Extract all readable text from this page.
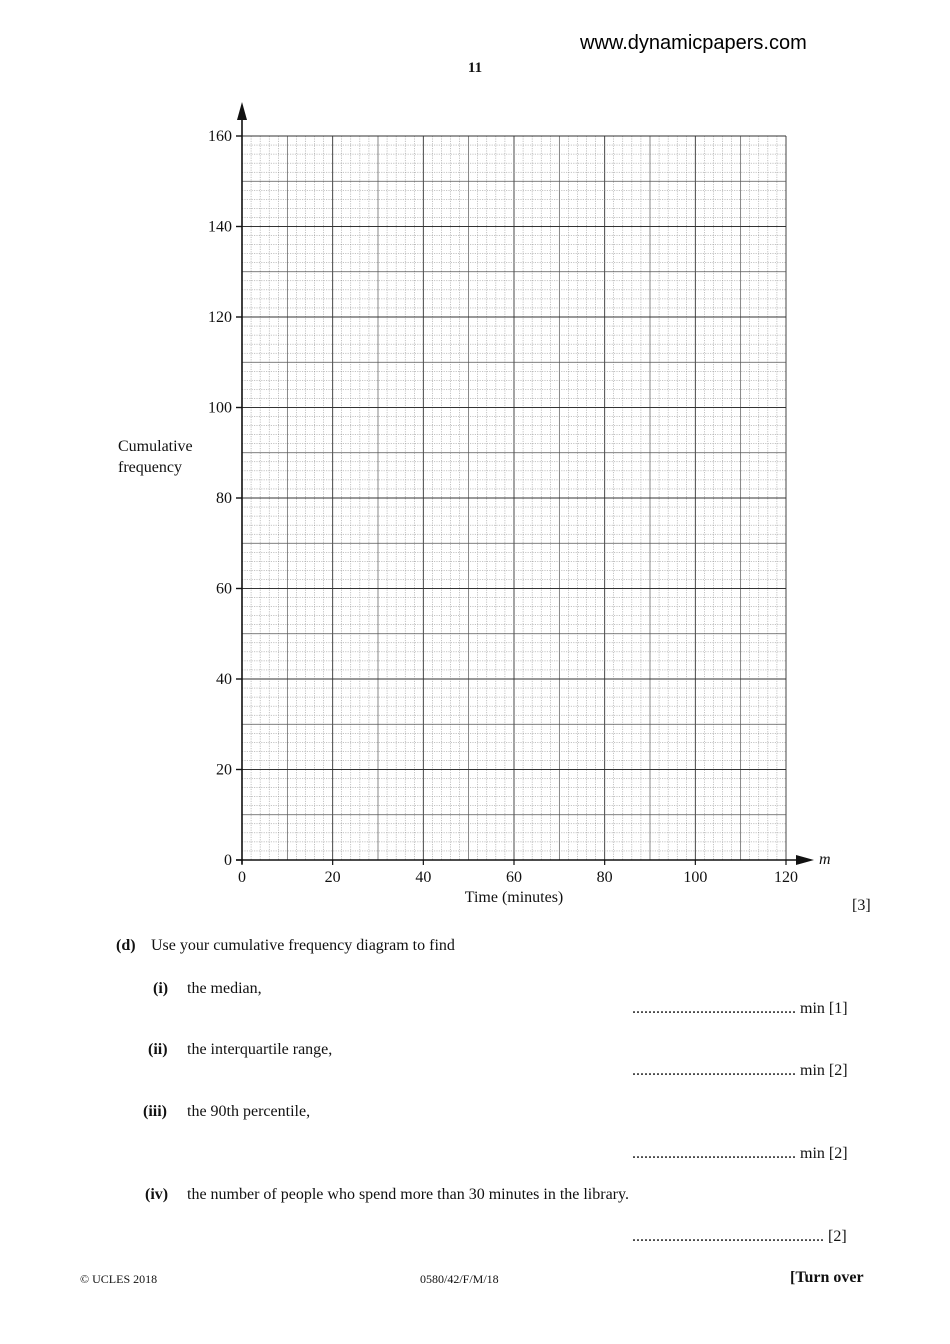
www.dynamicpapers.com
11
0
20
40
60
80
100
120
140
160
0	20	40	60	80	100	120
Time (minutes)
m
Cumulative frequency
[3]
(d) Use your cumulative frequency diagram to find
(i) the median,
......................................... min [1]
(ii) the interquartile range,
......................................... min [2]
(iii) the 90th percentile,
......................................... min [2]
(iv) the number of people who spend more than 30 minutes in the library.
................................................ [2]
© UCLES 2018	0580/42/F/M/18	[Turn over
